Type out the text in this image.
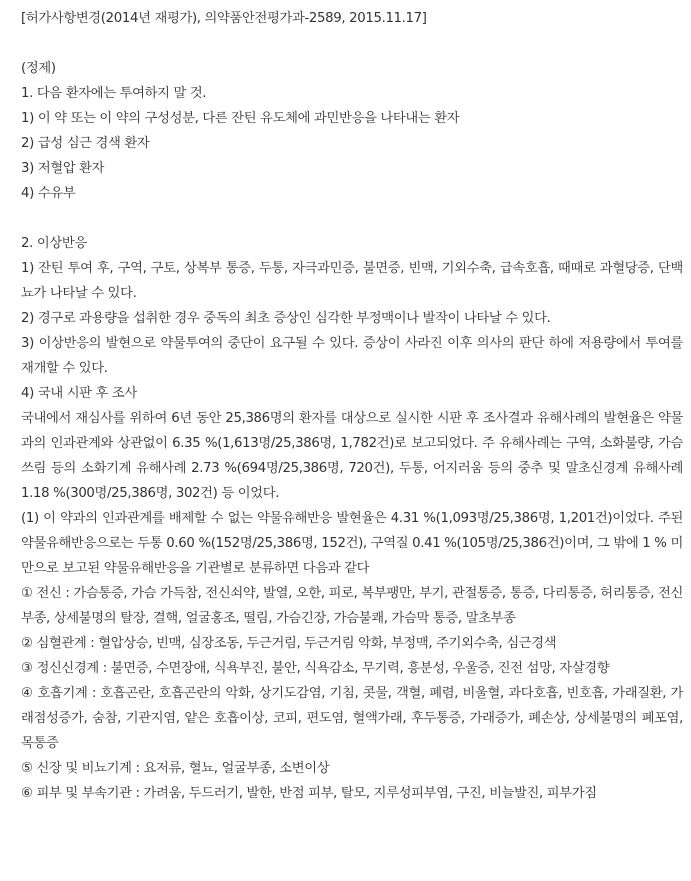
[허가사항변경(2014년 재평가), 의약품안전평가과-2589, 2015.11.17]
(정제)
1. 다음 환자에는 투여하지 말 것.
1) 이 약 또는 이 약의 구성성분, 다른 잔틴 유도체에 과민반응을 나타내는 환자
2) 급성 심근 경색 환자
3) 저혈압 환자
4) 수유부
2. 이상반응
1) 잔틴 투여 후, 구역, 구토, 상복부 통증, 두통, 자극과민증, 불면증, 빈맥, 기외수축, 급속호흡, 때때로 과혈당증, 단백뇨가 나타날 수 있다.
2) 경구로 과용량을 섭취한 경우 중독의 최초 증상인 심각한 부정맥이나 발작이 나타날 수 있다.
3) 이상반응의 발현으로 약물투여의 중단이 요구될 수 있다. 증상이 사라진 이후 의사의 판단 하에 저용량에서 투여를 재개할 수 있다.
4) 국내 시판 후 조사
국내에서 재심사를 위하여 6년 동안 25,386명의 환자를 대상으로 실시한 시판 후 조사결과 유해사례의 발현율은 약물과의 인과관계와 상관없이 6.35 %(1,613명/25,386명, 1,782건)로 보고되었다. 주 유해사례는 구역, 소화불량, 가슴쓰림 등의 소화기계 유해사례 2.73 %(694명/25,386명, 720건), 두통, 어지러움 등의 중추 및 말초신경계 유해사례 1.18 %(300명/25,386명, 302건) 등 이었다.
(1) 이 약과의 인과관계를 배제할 수 없는 약물유해반응 발현율은 4.31 %(1,093명/25,386명, 1,201건)이었다. 주된 약물유해반응으로는 두통 0.60 %(152명/25,386명, 152건), 구역질 0.41 %(105명/25,386건)이며, 그 밖에 1 % 미만으로 보고된 약물유해반응을 기관별로 분류하면 다음과 같다
① 전신 : 가슴통증, 가슴 가득참, 전신쇠약, 발열, 오한, 피로, 복부팽만, 부기, 관절통증, 통증, 다리통증, 허리통증, 전신부종, 상세불명의 탈장, 결핵, 얼굴홍조, 떨림, 가슴긴장, 가슴불쾌, 가슴막 통증, 말초부종
② 심혈관계 : 혈압상승, 빈맥, 심장조동, 두근거림, 두근거림 악화, 부정맥, 주기외수축, 심근경색
③ 정신신경계 : 불면증, 수면장애, 식욕부진, 불안, 식욕감소, 무기력, 흥분성, 우울증, 진전 섬망, 자살경향
④ 호흡기계 : 호흡곤란, 호흡곤란의 악화, 상기도감염, 기침, 콧물, 객혈, 폐렴, 비울혈, 과다호흡, 빈호흡, 가래질환, 가래점성증가, 숨참, 기관지염, 얕은 호흡이상, 코피, 편도염, 혈액가래, 후두통증, 가래증가, 폐손상, 상세불명의 폐포염, 목통증
⑤ 신장 및 비뇨기계 : 요저류, 혈뇨, 얼굴부종, 소변이상
⑥ 피부 및 부속기관 : 가려움, 두드러기, 발한, 반점 피부, 탈모, 지루성피부염, 구진, 비늘발진, 피부가짐
